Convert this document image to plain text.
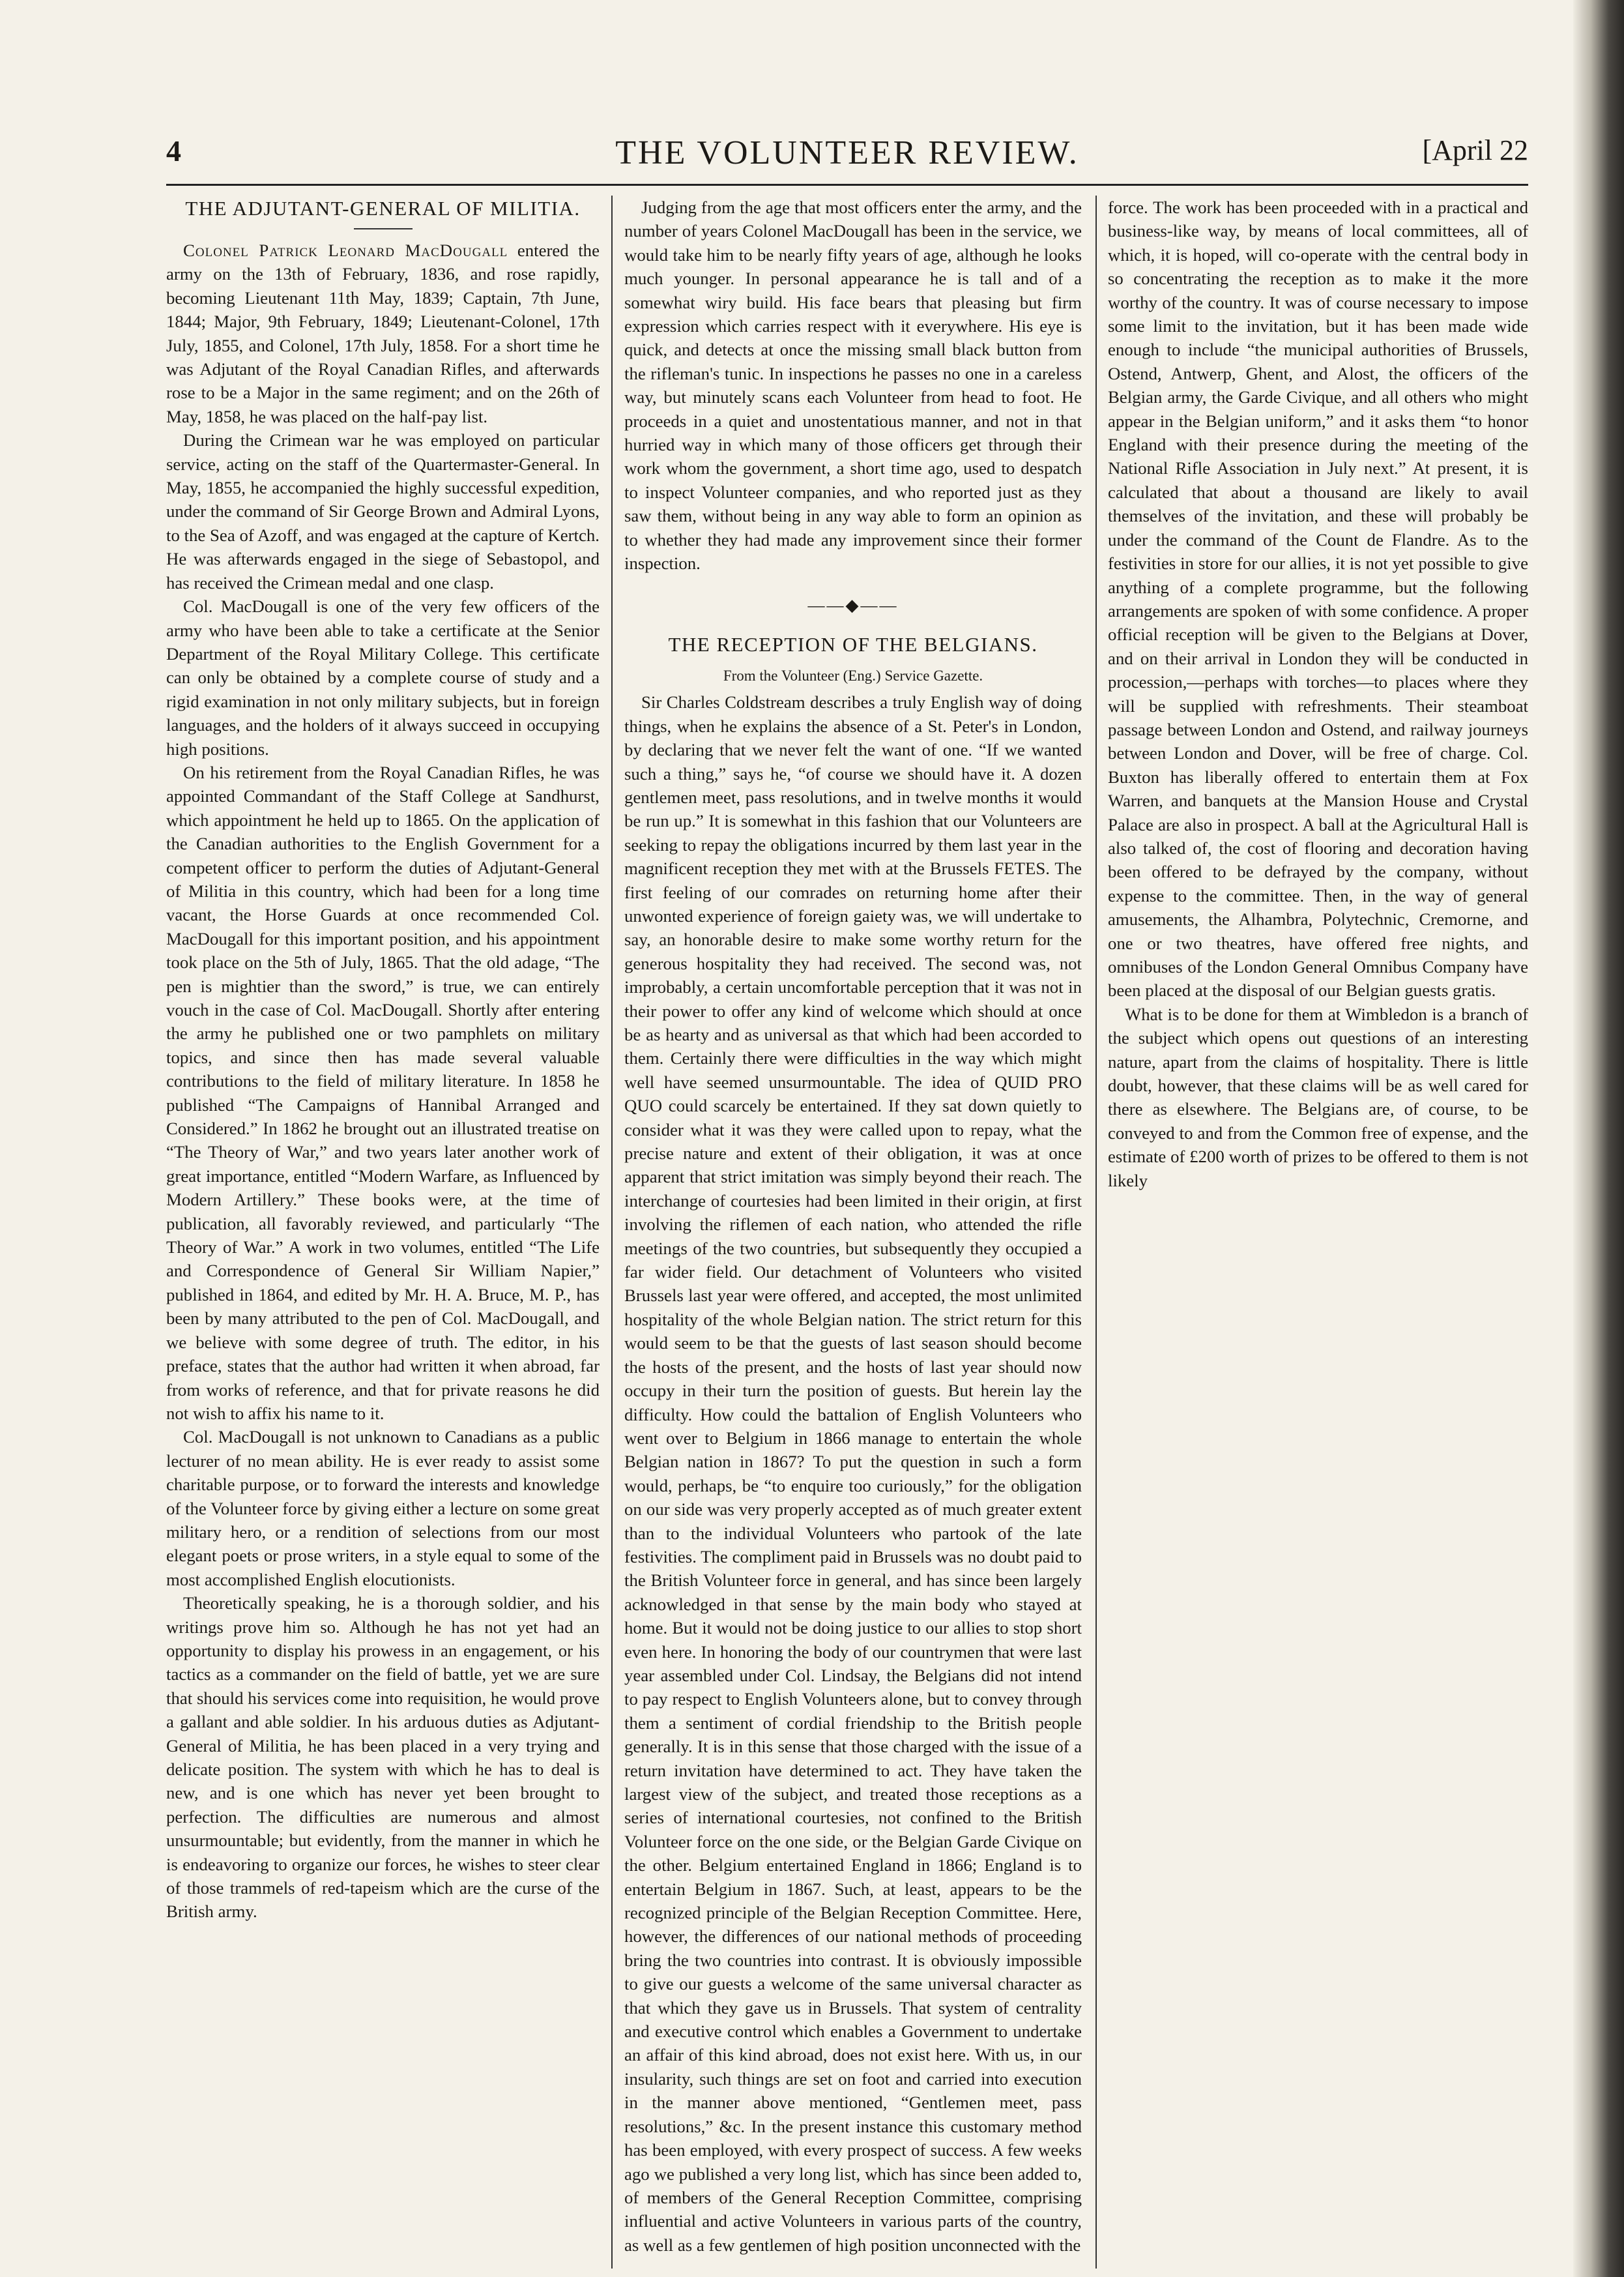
4	THE VOLUNTEER REVIEW.	[April 22
THE ADJUTANT-GENERAL OF MILITIA.

Colonel Patrick Leonard MacDougall entered the army on the 13th of February, 1836, and rose rapidly, becoming Lieutenant 11th May, 1839; Captain, 7th June, 1844; Major, 9th February, 1849; Lieutenant-Colonel, 17th July, 1855, and Colonel, 17th July, 1858. For a short time he was Adjutant of the Royal Canadian Rifles, and afterwards rose to be a Major in the same regiment; and on the 26th of May, 1858, he was placed on the half-pay list.

During the Crimean war he was employed on particular service, acting on the staff of the Quartermaster-General. In May, 1855, he accompanied the highly successful expedition, under the command of Sir George Brown and Admiral Lyons, to the Sea of Azoff, and was engaged at the capture of Kertch. He was afterwards engaged in the siege of Sebastopol, and has received the Crimean medal and one clasp.

Col. MacDougall is one of the very few officers of the army who have been able to take a certificate at the Senior Department of the Royal Military College. This certificate can only be obtained by a complete course of study and a rigid examination in not only military subjects, but in foreign languages, and the holders of it always succeed in occupying high positions.

On his retirement from the Royal Canadian Rifles, he was appointed Commandant of the Staff College at Sandhurst, which appointment he held up to 1865. On the application of the Canadian authorities to the English Government for a competent officer to perform the duties of Adjutant-General of Militia in this country, which had been for a long time vacant, the Horse Guards at once recommended Col. MacDougall for this important position, and his appointment took place on the 5th of July, 1865. That the old adage, “The pen is mightier than the sword,” is true, we can entirely vouch in the case of Col. MacDougall. Shortly after entering the army he published one or two pamphlets on military topics, and since then has made several valuable contributions to the field of military literature. In 1858 he published “The Campaigns of Hannibal Arranged and Considered.” In 1862 he brought out an illustrated treatise on “The Theory of War,” and two years later another work of great importance, entitled “Modern Warfare, as Influenced by Modern Artillery.” These books were, at the time of publication, all favorably reviewed, and particularly “The Theory of War.” A work in two volumes, entitled “The Life and Correspondence of General Sir William Napier,” published in 1864, and edited by Mr. H. A. Bruce, M. P., has been by many attributed to the pen of Col. MacDougall, and we believe with some degree of truth. The editor, in his preface, states that the author had written it when abroad, far from works of reference, and that for private reasons he did not wish to affix his name to it.

Col. MacDougall is not unknown to Canadians as a public lecturer of no mean ability. He is ever ready to assist some charitable purpose, or to forward the interests and knowledge of the Volunteer force by giving either a lecture on some great military hero, or a rendition of selections from our most elegant poets or prose writers, in a style equal to some of the most accomplished English elocutionists.

Theoretically speaking, he is a thorough soldier, and his writings prove him so. Although he has not yet had an opportunity to display his prowess in an engagement, or his tactics as a commander on the field of battle, yet we are sure that should his services come into requisition, he would prove a gallant and able soldier. In his arduous duties as Adjutant-General of Militia, he has been placed in a very trying and delicate position. The system with which he has to deal is new, and is one which has never yet been brought to perfection. The difficulties are numerous and almost unsurmountable; but evidently, from the manner in which he is endeavoring to organize our forces, he wishes to steer clear of those trammels of red-tapeism which are the curse of the British army.

Judging from the age that most officers enter the army, and the number of years Colonel MacDougall has been in the service, we would take him to be nearly fifty years of age, although he looks much younger. In personal appearance he is tall and of a somewhat wiry build. His face bears that pleasing but firm expression which carries respect with it everywhere. His eye is quick, and detects at once the missing small black button from the rifleman's tunic. In inspections he passes no one in a careless way, but minutely scans each Volunteer from head to foot. He proceeds in a quiet and unostentatious manner, and not in that hurried way in which many of those officers get through their work whom the government, a short time ago, used to despatch to inspect Volunteer companies, and who reported just as they saw them, without being in any way able to form an opinion as to whether they had made any improvement since their former inspection.

——◆——
THE RECEPTION OF THE BELGIANS.

From the Volunteer (Eng.) Service Gazette.

Sir Charles Coldstream describes a truly English way of doing things, when he explains the absence of a St. Peter's in London, by declaring that we never felt the want of one. “If we wanted such a thing,” says he, “of course we should have it. A dozen gentlemen meet, pass resolutions, and in twelve months it would be run up.” It is somewhat in this fashion that our Volunteers are seeking to repay the obligations incurred by them last year in the magnificent reception they met with at the Brussels FETES. The first feeling of our comrades on returning home after their unwonted experience of foreign gaiety was, we will undertake to say, an honorable desire to make some worthy return for the generous hospitality they had received. The second was, not improbably, a certain uncomfortable perception that it was not in their power to offer any kind of welcome which should at once be as hearty and as universal as that which had been accorded to them. Certainly there were difficulties in the way which might well have seemed unsurmountable. The idea of QUID PRO QUO could scarcely be entertained. If they sat down quietly to consider what it was they were called upon to repay, what the precise nature and extent of their obligation, it was at once apparent that strict imitation was simply beyond their reach. The interchange of courtesies had been limited in their origin, at first involving the riflemen of each nation, who attended the rifle meetings of the two countries, but subsequently they occupied a far wider field. Our detachment of Volunteers who visited Brussels last year were offered, and accepted, the most unlimited hospitality of the whole Belgian nation. The strict return for this would seem to be that the guests of last season should become the hosts of the present, and the hosts of last year should now occupy in their turn the position of guests. But herein lay the difficulty. How could the battalion of English Volunteers who went over to Belgium in 1866 manage to entertain the whole Belgian nation in 1867? To put the question in such a form would, perhaps, be “to enquire too curiously,” for the obligation on our side was very properly accepted as of much greater extent than to the individual Volunteers who partook of the late festivities. The compliment paid in Brussels was no doubt paid to the British Volunteer force in general, and has since been largely acknowledged in that sense by the main body who stayed at home. But it would not be doing justice to our allies to stop short even here. In honoring the body of our countrymen that were last year assembled under Col. Lindsay, the Belgians did not intend to pay respect to English Volunteers alone, but to convey through them a sentiment of cordial friendship to the British people generally. It is in this sense that those charged with the issue of a return invitation have determined to act. They have taken the largest view of the subject, and treated those receptions as a series of international courtesies, not confined to the British Volunteer force on the one side, or the Belgian Garde Civique on the other. Belgium entertained England in 1866; England is to entertain Belgium in 1867. Such, at least, appears to be the recognized principle of the Belgian Reception Committee. Here, however, the differences of our national methods of proceeding bring the two countries into contrast. It is obviously impossible to give our guests a welcome of the same universal character as that which they gave us in Brussels. That system of centrality and executive control which enables a Government to undertake an affair of this kind abroad, does not exist here. With us, in our insularity, such things are set on foot and carried into execution in the manner above mentioned, “Gentlemen meet, pass resolutions,” &c. In the present instance this customary method has been employed, with every prospect of success. A few weeks ago we published a very long list, which has since been added to, of members of the General Reception Committee, comprising influential and active Volunteers in various parts of the country, as well as a few gentlemen of high position unconnected with the

force. The work has been proceeded with in a practical and business-like way, by means of local committees, all of which, it is hoped, will co-operate with the central body in so concentrating the reception as to make it the more worthy of the country. It was of course necessary to impose some limit to the invitation, but it has been made wide enough to include “the municipal authorities of Brussels, Ostend, Antwerp, Ghent, and Alost, the officers of the Belgian army, the Garde Civique, and all others who might appear in the Belgian uniform,” and it asks them “to honor England with their presence during the meeting of the National Rifle Association in July next.” At present, it is calculated that about a thousand are likely to avail themselves of the invitation, and these will probably be under the command of the Count de Flandre. As to the festivities in store for our allies, it is not yet possible to give anything of a complete programme, but the following arrangements are spoken of with some confidence. A proper official reception will be given to the Belgians at Dover, and on their arrival in London they will be conducted in procession,—perhaps with torches—to places where they will be supplied with refreshments. Their steamboat passage between London and Ostend, and railway journeys between London and Dover, will be free of charge. Col. Buxton has liberally offered to entertain them at Fox Warren, and banquets at the Mansion House and Crystal Palace are also in prospect. A ball at the Agricultural Hall is also talked of, the cost of flooring and decoration having been offered to be defrayed by the company, without expense to the committee. Then, in the way of general amusements, the Alhambra, Polytechnic, Cremorne, and one or two theatres, have offered free nights, and omnibuses of the London General Omnibus Company have been placed at the disposal of our Belgian guests gratis.

What is to be done for them at Wimbledon is a branch of the subject which opens out questions of an interesting nature, apart from the claims of hospitality. There is little doubt, however, that these claims will be as well cared for there as elsewhere. The Belgians are, of course, to be conveyed to and from the Common free of expense, and the estimate of £200 worth of prizes to be offered to them is not likely
